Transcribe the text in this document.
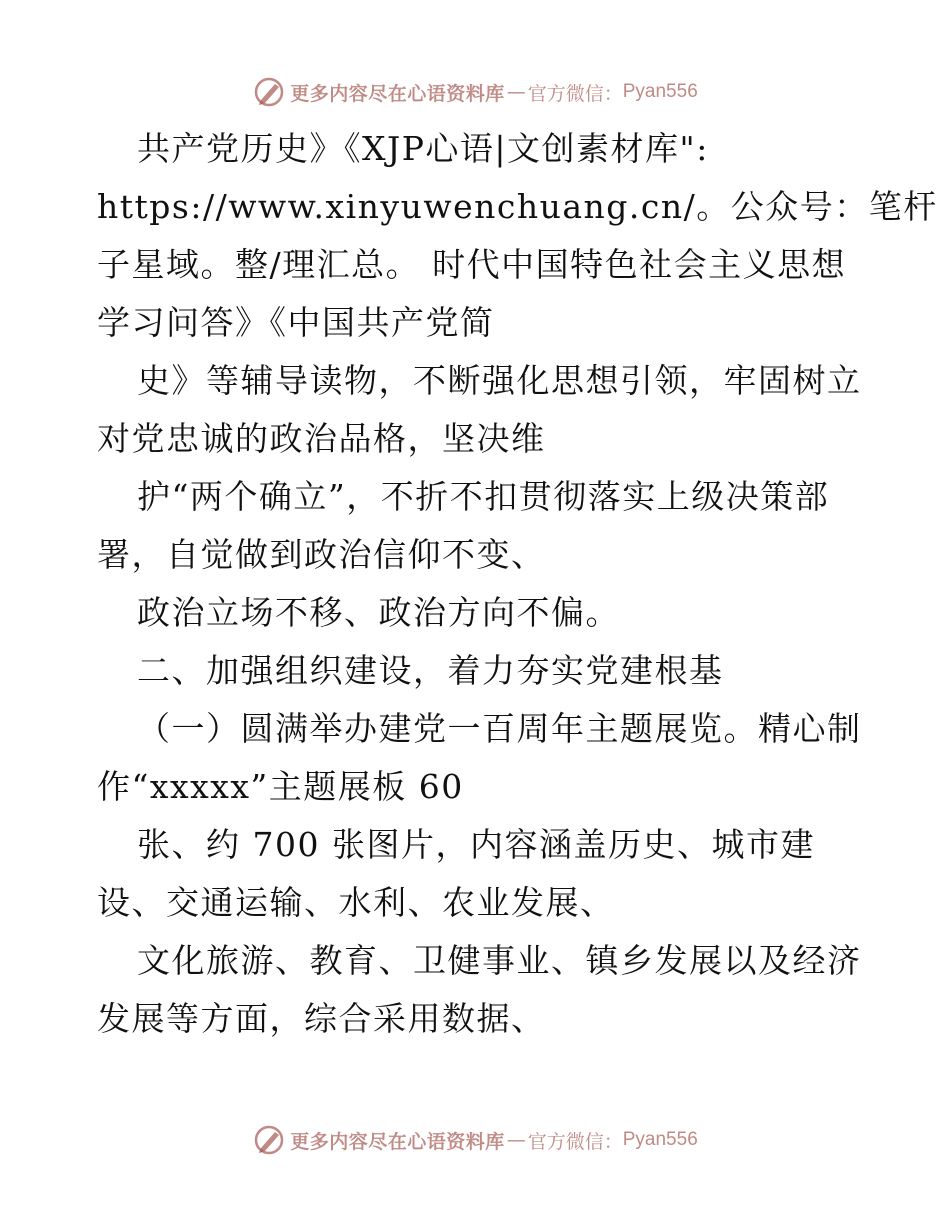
更多内容尽在心语资料库 — 官方微信： Pyan556
共产党历史》《XJP心语|文创素材库":
https://www.xinyuwenchuang.cn/。公众号：笔杆
子星域。整/理汇总。 时代中国特色社会主义思想
学习问答》《中国共产党简
史》等辅导读物，不断强化思想引领，牢固树立
对党忠诚的政治品格，坚决维
护“两个确立”，不折不扣贯彻落实上级决策部
署，自觉做到政治信仰不变、
政治立场不移、政治方向不偏。
二、加强组织建设，着力夯实党建根基
（一）圆满举办建党一百周年主题展览。精心制
作“xxxxx”主题展板 60
张、约 700 张图片，内容涵盖历史、城市建
设、交通运输、水利、农业发展、
文化旅游、教育、卫健事业、镇乡发展以及经济
发展等方面，综合采用数据、
更多内容尽在心语资料库 — 官方微信： Pyan556
